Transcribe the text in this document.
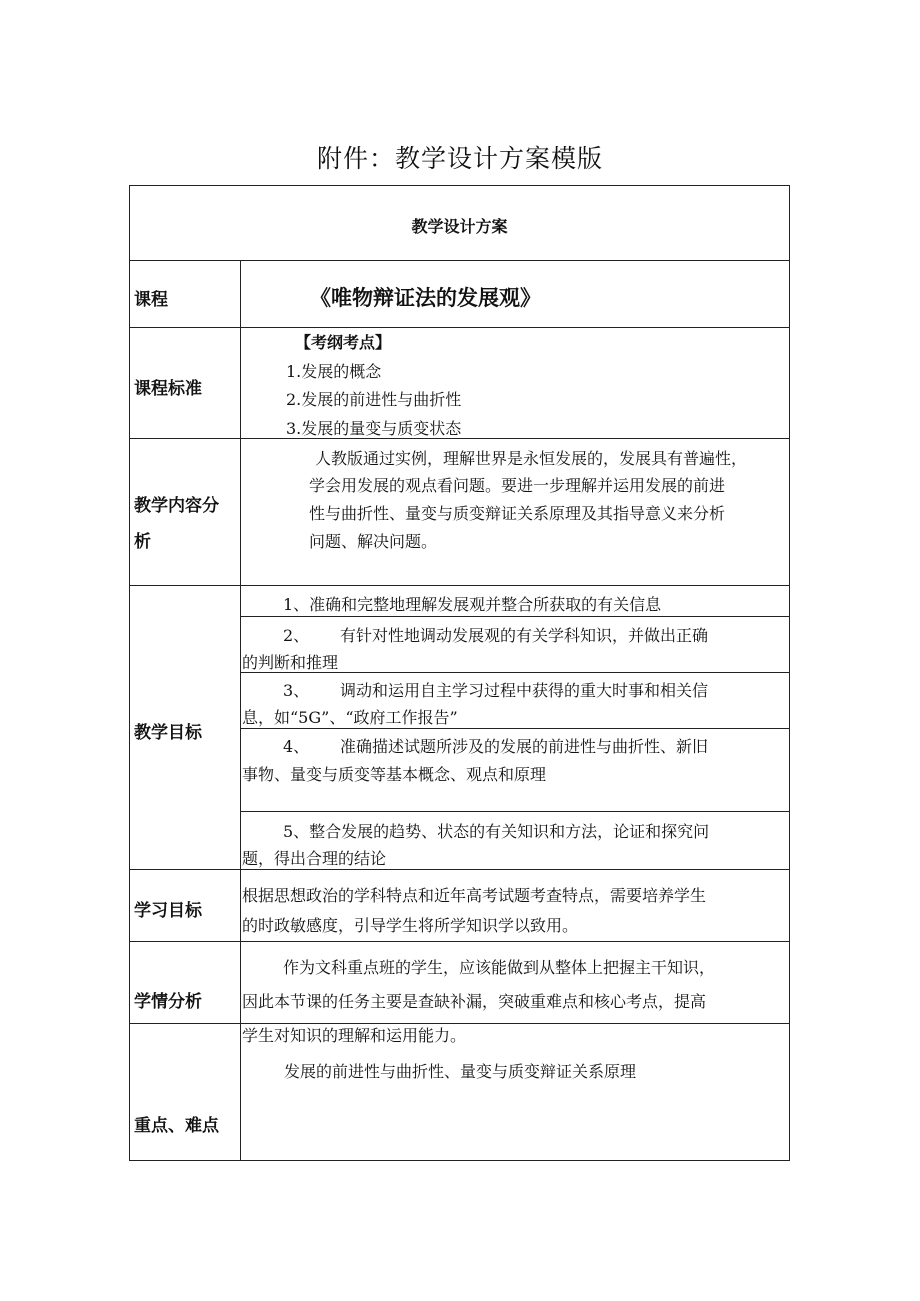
附件：教学设计方案模版
教学设计方案
课程	《唯物辩证法的发展观》
课程标准
【考纲考点】
1.发展的概念
2.发展的前进性与曲折性
3.发展的量变与质变状态
教学内容分
析
人教版通过实例，理解世界是永恒发展的，发展具有普遍性，
学会用发展的观点看问题。要进一步理解并运用发展的前进
性与曲折性、量变与质变辩证关系原理及其指导意义来分析
问题、解决问题。
教学目标
1、准确和完整地理解发展观并整合所获取的有关信息
2、 有针对性地调动发展观的有关学科知识，并做出正确
的判断和推理
3、 调动和运用自主学习过程中获得的重大时事和相关信
息，如“5G”、“政府工作报告”
4、 准确描述试题所涉及的发展的前进性与曲折性、新旧
事物、量变与质变等基本概念、观点和原理
5、整合发展的趋势、状态的有关知识和方法，论证和探究问
题，得出合理的结论
学习目标
根据思想政治的学科特点和近年高考试题考查特点，需要培养学生
的时政敏感度，引导学生将所学知识学以致用。
学情分析
作为文科重点班的学生，应该能做到从整体上把握主干知识，
因此本节课的任务主要是查缺补漏，突破重难点和核心考点，提高
学生对知识的理解和运用能力。
重点、难点
发展的前进性与曲折性、量变与质变辩证关系原理
